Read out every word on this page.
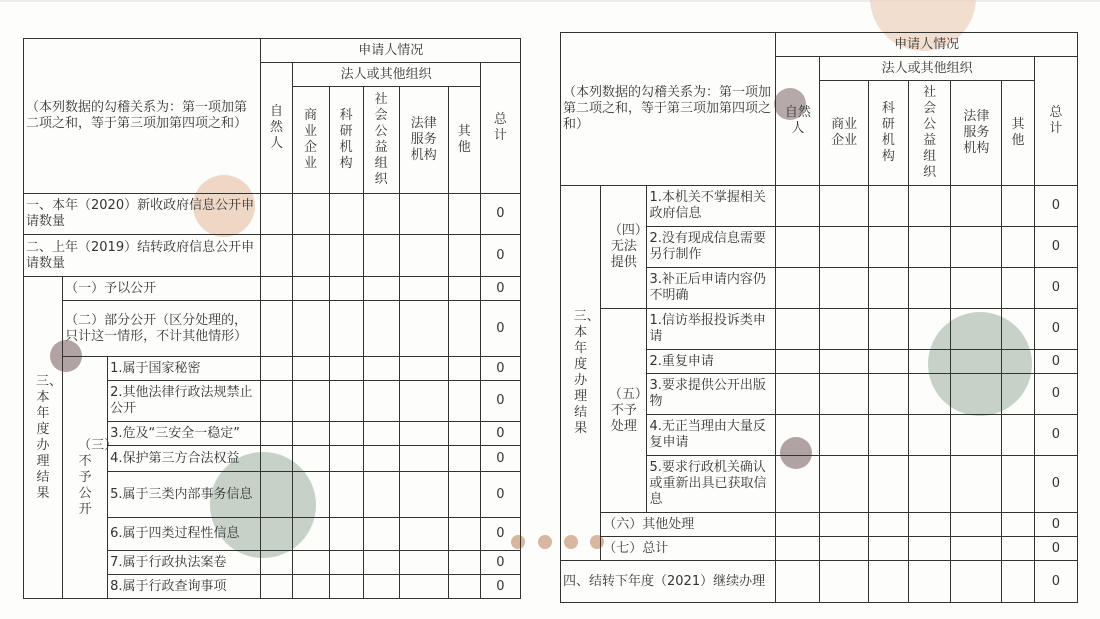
（本列数据的勾稽关系为：第一项加第二项之和，等于第三项加第四项之和）			申请人情况						
			自然人	法人或其他组织					总计
				商业企业	科研机构	社会公益组织	法律服务机构	其他	
一、本年（2020）新收政府信息公开申请数量									0
二、上年（2019）结转政府信息公开申请数量									0
三、本年度办理结果	（一）予以公开								0
	（二）部分公开（区分处理的，只计这一情形，不计其他情形）								0
	（三）不予公开	1.属于国家秘密							0
		2.其他法律行政法规禁止公开							0
		3.危及“三安全一稳定”							0
		4.保护第三方合法权益							0
		5.属于三类内部事务信息							0
		6.属于四类过程性信息							0
		7.属于行政执法案卷							0
		8.属于行政查询事项							0
（本列数据的勾稽关系为：第一项加第二项之和，等于第三项加第四项之和）			申请人情况						
			自然人	法人或其他组织					总计
				商业企业	科研机构	社会公益组织	法律服务机构	其他	
三、本年度办理结果	（四）无法提供	1.本机关不掌握相关政府信息							0
		2.没有现成信息需要另行制作							0
		3.补正后申请内容仍不明确							0
	（五）不予处理	1.信访举报投诉类申请							0
		2.重复申请							0
		3.要求提供公开出版物							0
		4.无正当理由大量反复申请							0
		5.要求行政机关确认或重新出具已获取信息							0
	（六）其他处理								0
	（七）总计								0
四、结转下年度（2021）继续办理									0
